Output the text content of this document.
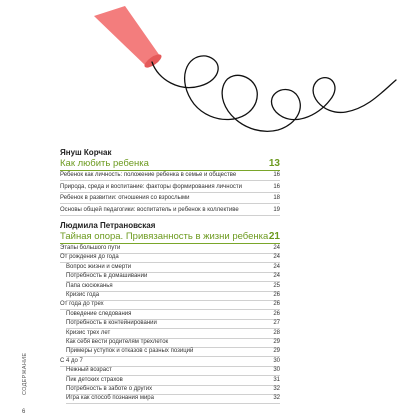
Януш Корчак
Как любить ребенка	13
Людмила Петрановская
Тайная опора. Привязанность в жизни ребенка 21
СОДЕРЖАНИЕ
6
Ребенок как личность: положение ребенка в семье и обществе	16
Природа, среда и воспитание: факторы формирования личности	16
Ребенок в развитии: отношения со взрослыми	18
Основы общей педагогики: воспитатель и ребенок в коллективе	19
Этапы большого пути	24
От рождения до года	24
Вопрос жизни и смерти	24
Потребность в домашивании	24
Папа сюсюканья	25
Кризис года	26
От года до трех	26
Поведение следования	26
Потребность в контейнировании	27
Кризис трех лет	28
Как себя вести родителям трехлеток	29
Примеры уступок и отказов с разных позиций	29
С 4 до 7	30
Нежный возраст	30
Пик детских страхов	31
Потребность в заботе о других	32
Игра как способ познания мира	32
